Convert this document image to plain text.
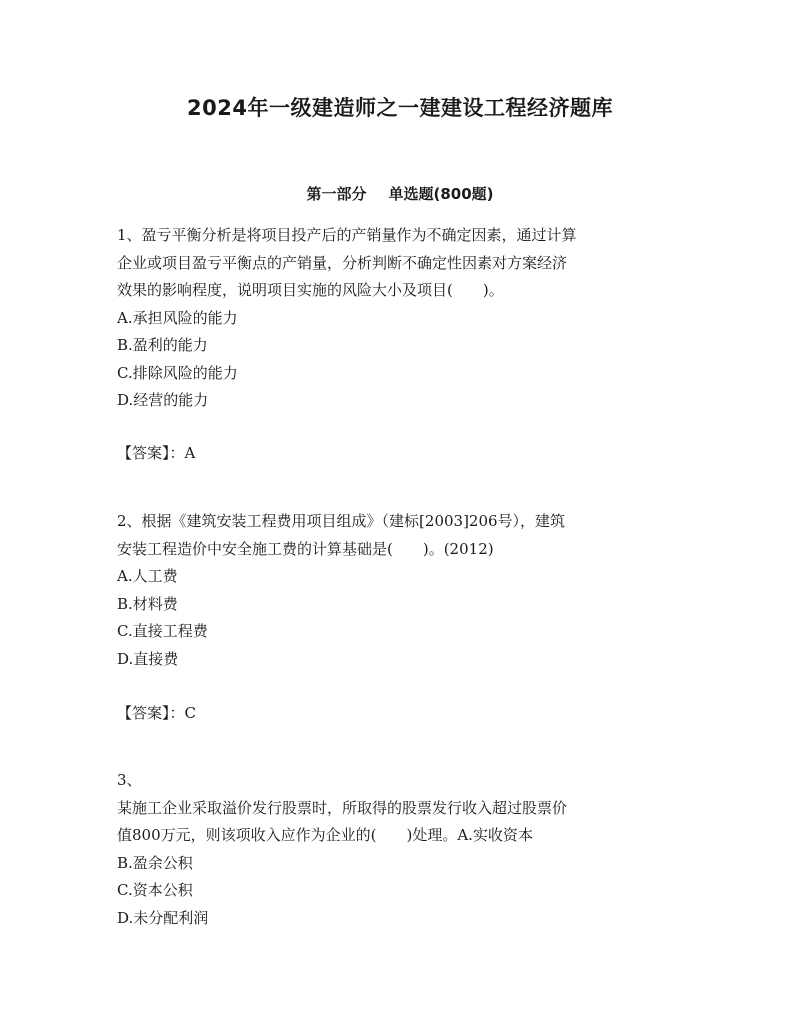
2024年一级建造师之一建建设工程经济题库
第一部分 单选题(800题)
1、盈亏平衡分析是将项目投产后的产销量作为不确定因素，通过计算
企业或项目盈亏平衡点的产销量，分析判断不确定性因素对方案经济
效果的影响程度，说明项目实施的风险大小及项目(　　)。
A.承担风险的能力
B.盈利的能力
C.排除风险的能力
D.经营的能力
【答案】：A
2、根据《建筑安装工程费用项目组成》（建标[2003]206号），建筑
安装工程造价中安全施工费的计算基础是(　　)。(2012)
A.人工费
B.材料费
C.直接工程费
D.直接费
【答案】：C
3、
某施工企业采取溢价发行股票时，所取得的股票发行收入超过股票价
值800万元，则该项收入应作为企业的(　　)处理。A.实收资本
B.盈余公积
C.资本公积
D.未分配利润
